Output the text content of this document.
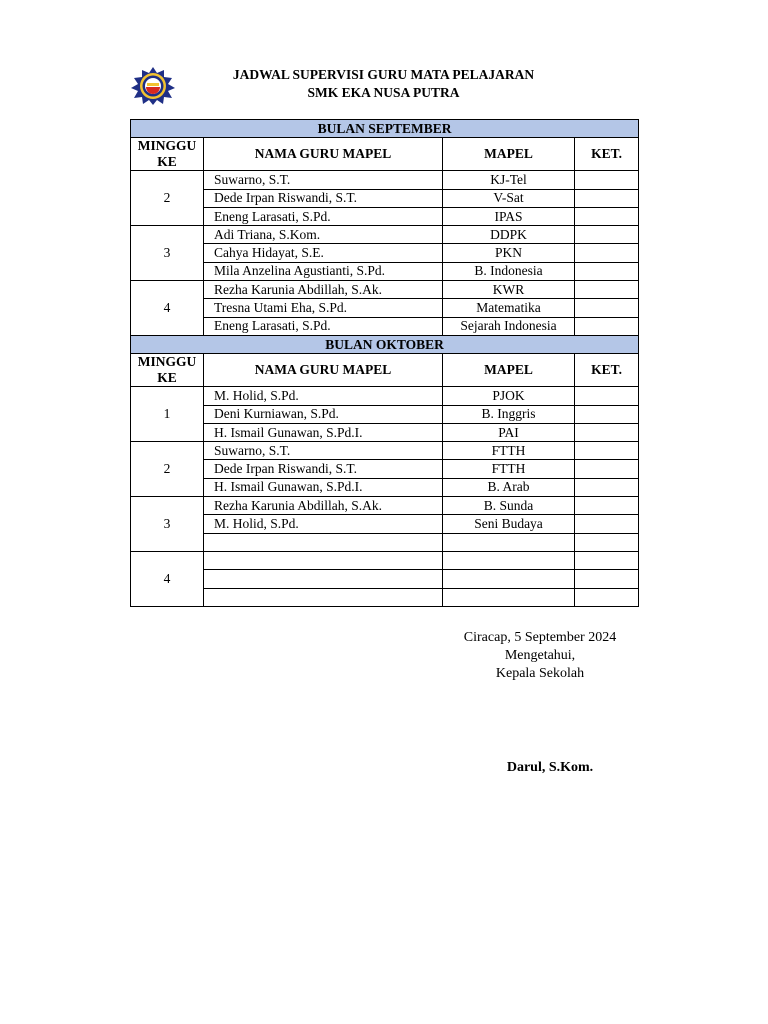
JADWAL SUPERVISI GURU MATA PELAJARAN
SMK EKA NUSA PUTRA
BULAN SEPTEMBER			
MINGGU KE	NAMA GURU MAPEL	MAPEL	KET.
2	Suwarno, S.T.	KJ-Tel	
	Dede Irpan Riswandi, S.T.	V-Sat	
	Eneng Larasati, S.Pd.	IPAS	
3	Adi Triana, S.Kom.	DDPK	
	Cahya Hidayat, S.E.	PKN	
	Mila Anzelina Agustianti, S.Pd.	B. Indonesia	
4	Rezha Karunia Abdillah, S.Ak.	KWR	
	Tresna Utami Eha, S.Pd.	Matematika	
	Eneng Larasati, S.Pd.	Sejarah Indonesia	
BULAN OKTOBER			
MINGGU KE	NAMA GURU MAPEL	MAPEL	KET.
1	M. Holid, S.Pd.	PJOK	
	Deni Kurniawan, S.Pd.	B. Inggris	
	H. Ismail Gunawan, S.Pd.I.	PAI	
2	Suwarno, S.T.	FTTH	
	Dede Irpan Riswandi, S.T.	FTTH	
	H. Ismail Gunawan, S.Pd.I.	B. Arab	
3	Rezha Karunia Abdillah, S.Ak.	B. Sunda	
	M. Holid, S.Pd.	Seni Budaya	

4			

Ciracap, 5 September 2024
Mengetahui,
Kepala Sekolah
Darul, S.Kom.
